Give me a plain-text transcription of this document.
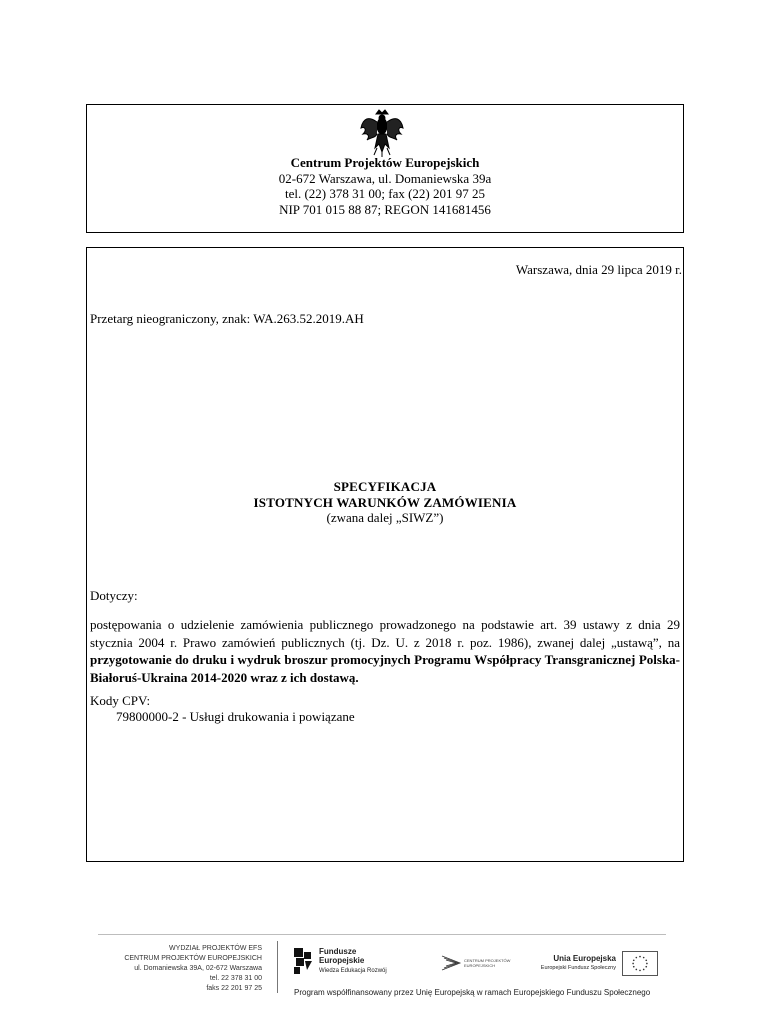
Centrum Projektów Europejskich
02-672 Warszawa, ul. Domaniewska 39a
tel. (22) 378 31 00; fax (22) 201 97 25
NIP 701 015 88 87; REGON 141681456
Warszawa, dnia 29 lipca 2019 r.
Przetarg nieograniczony, znak: WA.263.52.2019.AH
SPECYFIKACJA
ISTOTNYCH WARUNKÓW ZAMÓWIENIA
(zwana dalej „SIWZ”)
Dotyczy:
postępowania o udzielenie zamówienia publicznego prowadzonego na podstawie art. 39 ustawy z dnia 29 stycznia 2004 r. Prawo zamówień publicznych (tj. Dz. U. z 2018 r. poz. 1986), zwanej dalej „ustawą”, na przygotowanie do druku i wydruk broszur promocyjnych Programu Współpracy Transgranicznej Polska-Białoruś-Ukraina 2014-2020 wraz z ich dostawą.
Kody CPV:
79800000-2 - Usługi drukowania i powiązane
WYDZIAŁ PROJEKTÓW EFS
CENTRUM PROJEKTÓW EUROPEJSKICH
ul. Domaniewska 39A, 02-672 Warszawa
tel. 22 378 31 00
faks 22 201 97 25
Fundusze
Europejskie
Wiedza Edukacja Rozwój
CENTRUM PROJEKTÓW EUROPEJSKICH
Unia Europejska
Europejski Fundusz Społeczny
Program współfinansowany przez Unię Europejską w ramach Europejskiego Funduszu Społecznego
